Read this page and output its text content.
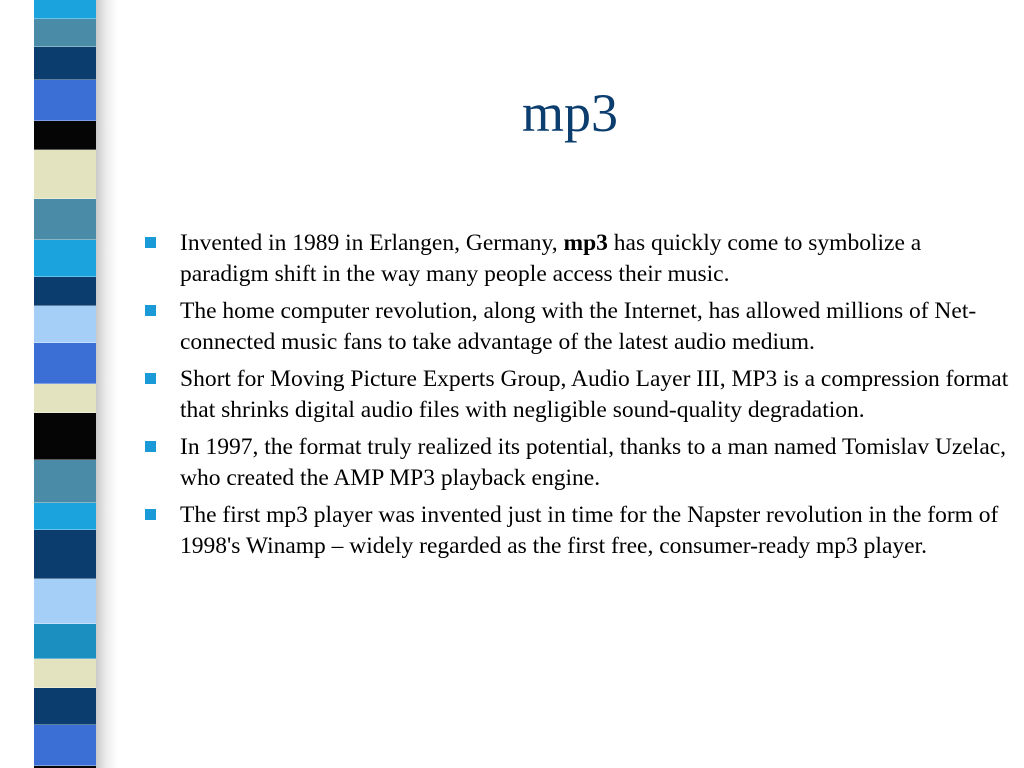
mp3
Invented in 1989 in Erlangen, Germany, mp3 has quickly come to symbolize a paradigm shift in the way many people access their music.
The home computer revolution, along with the Internet, has allowed millions of Net-connected music fans to take advantage of the latest audio medium.
Short for Moving Picture Experts Group, Audio Layer III, MP3 is a compression format that shrinks digital audio files with negligible sound-quality degradation.
In 1997, the format truly realized its potential, thanks to a man named Tomislav Uzelac, who created the AMP MP3 playback engine.
The first mp3 player was invented just in time for the Napster revolution in the form of 1998's Winamp – widely regarded as the first free, consumer-ready mp3 player.
